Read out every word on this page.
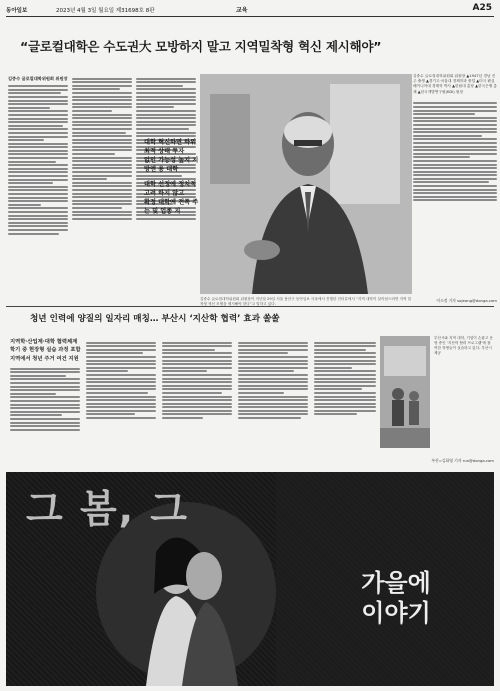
동아일보	2023년 4월 3일 월요일 제31698호 8판	교육	A25
“글로컬대학은 수도권大 모방하지 말고 지역밀착형 혁신 제시해야”
김중수 글로컬대학위원회 위원장
대학 혁신하면 하위 최적 상태 투자
없인 가능성 높지 지방엔 용 대학
대학 선정에 정치적 고려 하지 않고
확정 대학에 전폭 주는 및 업종 지
김중수 글로컬대학위원회 위원장 ▲1947년 경남 진주 출생 ▲경기고·서울대 경제학과 졸업 ▲미국 펜실베이니아대 경제학 박사 ▲한림대 총장 ▲한국은행 총재 ▲한국개발연구원(KDI) 원장
김중수 글로컬대학위원회 위원장이 지난달 29일 서울 용산구 동아일보 사옥에서 진행한 인터뷰에서 “지역 대학이 살아남으려면 지역 밀착형 혁신 모델을 제시해야 한다”고 말하고 있다.
이소정 기자 sojeong@donga.com
청년 인력에 양질의 일자리 매칭… 부산시 ‘지산학 협력’ 효과 쏠쏠
지역학·산업계·대학 협력체계
학기 중 현장형 실습 과정 포함
지역에서 청년 주거 여건 지원
부산시와 지역 대학, 기업이 손잡고 운영 중인 ‘지산학 협력 프로그램’에 참여한 학생들이 실습하고 있다. 부산시 제공
부산=김화영 기자 run@donga.com
그 봄, 그
가을에
이야기
